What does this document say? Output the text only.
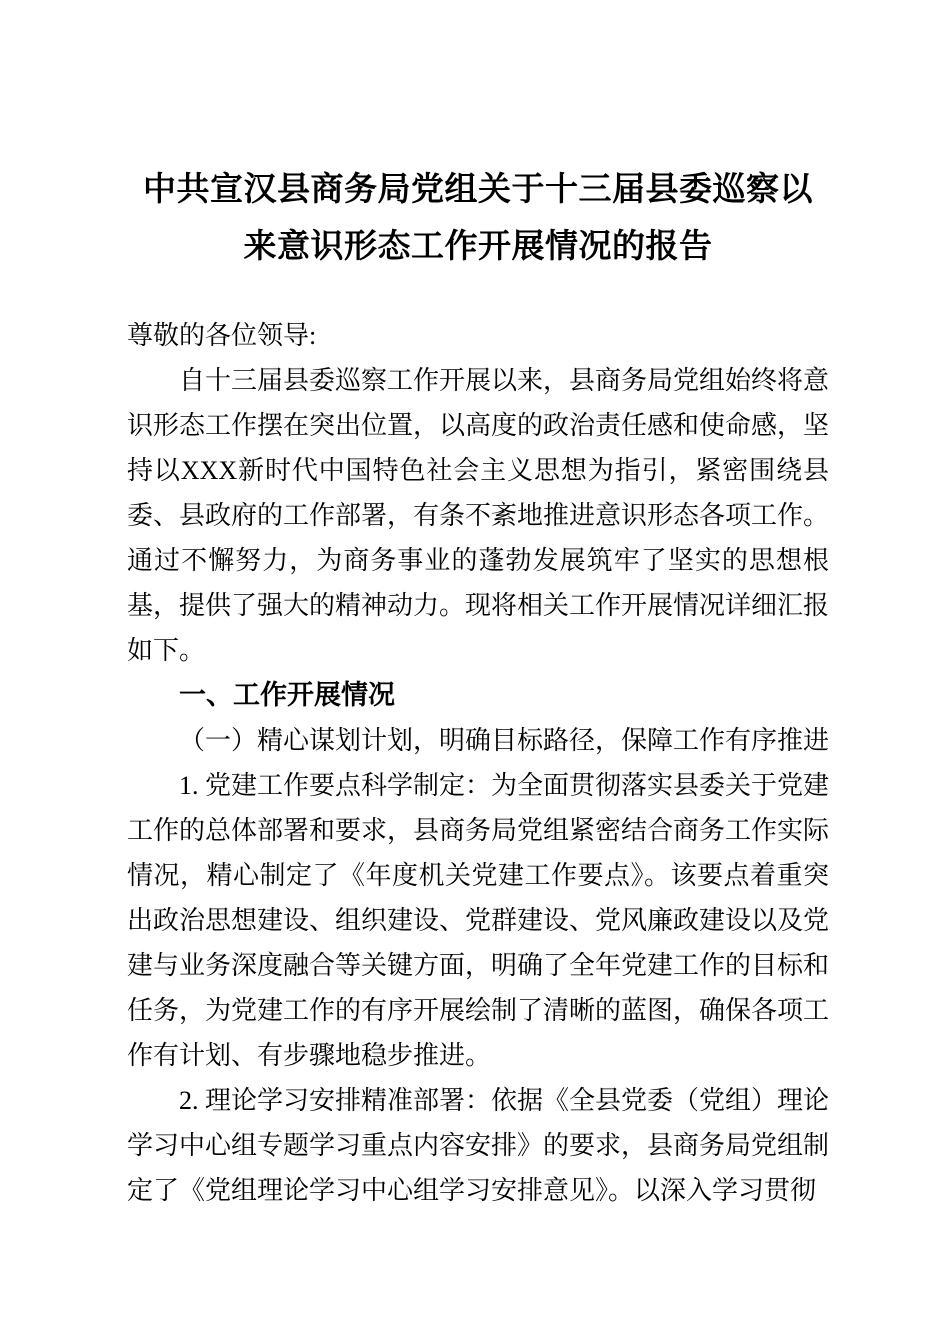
中共宣汉县商务局党组关于十三届县委巡察以来意识形态工作开展情况的报告

尊敬的各位领导:

自十三届县委巡察工作开展以来，县商务局党组始终将意识形态工作摆在突出位置，以高度的政治责任感和使命感，坚持以XXX新时代中国特色社会主义思想为指引，紧密围绕县委、县政府的工作部署，有条不紊地推进意识形态各项工作。通过不懈努力，为商务事业的蓬勃发展筑牢了坚实的思想根基，提供了强大的精神动力。现将相关工作开展情况详细汇报如下。

一、工作开展情况
（一）精心谋划计划，明确目标路径，保障工作有序推进

1. 党建工作要点科学制定：为全面贯彻落实县委关于党建工作的总体部署和要求，县商务局党组紧密结合商务工作实际情况，精心制定了《年度机关党建工作要点》。该要点着重突出政治思想建设、组织建设、党群建设、党风廉政建设以及党建与业务深度融合等关键方面，明确了全年党建工作的目标和任务，为党建工作的有序开展绘制了清晰的蓝图，确保各项工作有计划、有步骤地稳步推进。

2. 理论学习安排精准部署：依据《全县党委（党组）理论学习中心组专题学习重点内容安排》的要求，县商务局党组制定了《党组理论学习中心组学习安排意见》。以深入学习贯彻
